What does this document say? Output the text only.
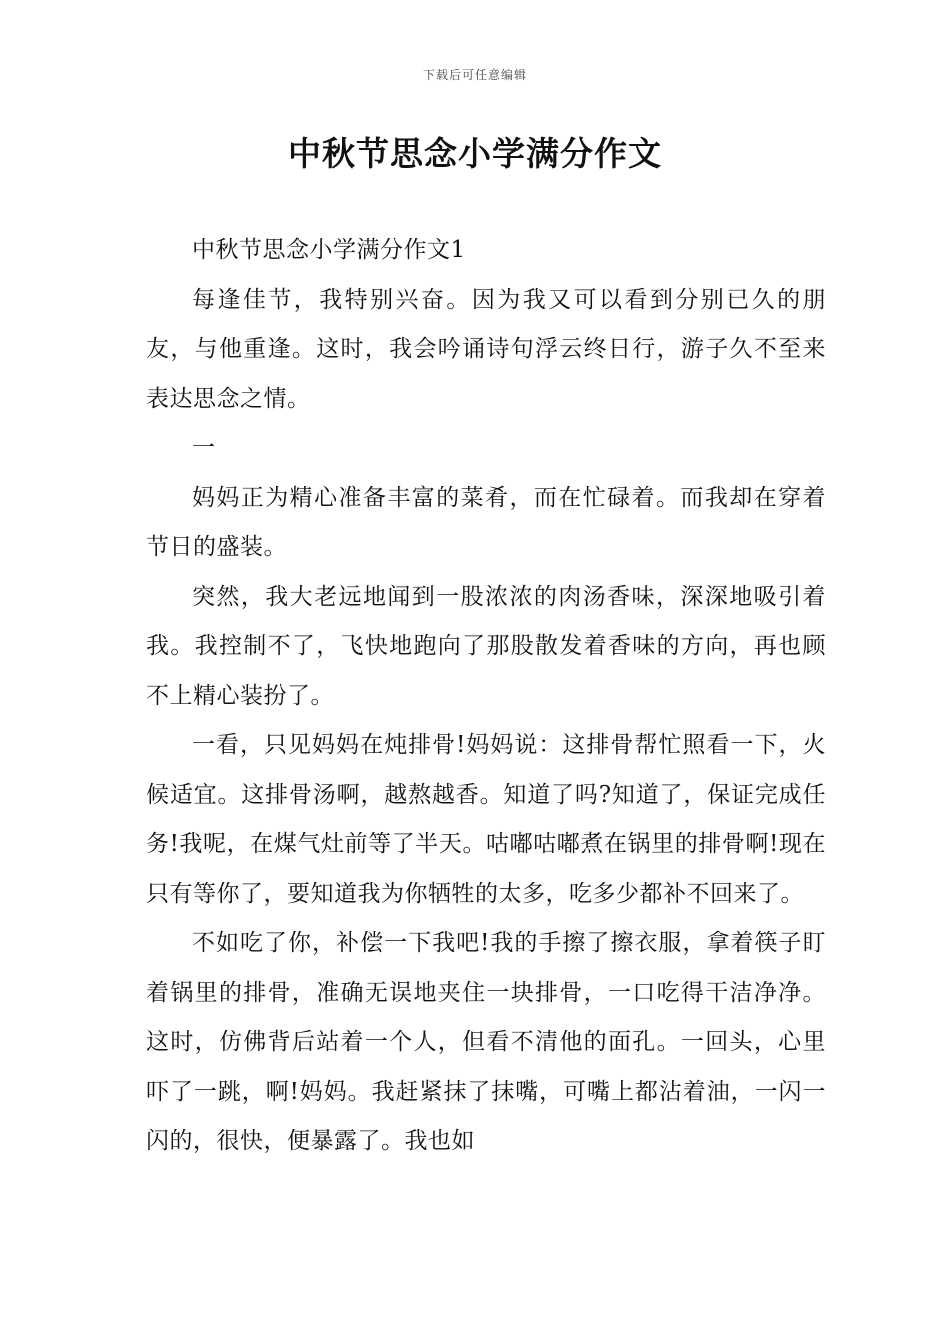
下载后可任意编辑
中秋节思念小学满分作文

中秋节思念小学满分作文1

每逢佳节，我特别兴奋。因为我又可以看到分别已久的朋友，与他重逢。这时，我会吟诵诗句浮云终日行，游子久不至来表达思念之情。

一

妈妈正为精心准备丰富的菜肴，而在忙碌着。而我却在穿着节日的盛装。

突然，我大老远地闻到一股浓浓的肉汤香味，深深地吸引着我。我控制不了，飞快地跑向了那股散发着香味的方向，再也顾不上精心装扮了。

一看，只见妈妈在炖排骨!妈妈说：这排骨帮忙照看一下，火候适宜。这排骨汤啊，越熬越香。知道了吗?知道了，保证完成任务!我呢，在煤气灶前等了半天。咕嘟咕嘟煮在锅里的排骨啊!现在只有等你了，要知道我为你牺牲的太多，吃多少都补不回来了。

不如吃了你，补偿一下我吧!我的手擦了擦衣服，拿着筷子盯着锅里的排骨，准确无误地夹住一块排骨，一口吃得干洁净净。这时，仿佛背后站着一个人，但看不清他的面孔。一回头，心里吓了一跳，啊!妈妈。我赶紧抹了抹嘴，可嘴上都沾着油，一闪一闪的，很快，便暴露了。我也如
